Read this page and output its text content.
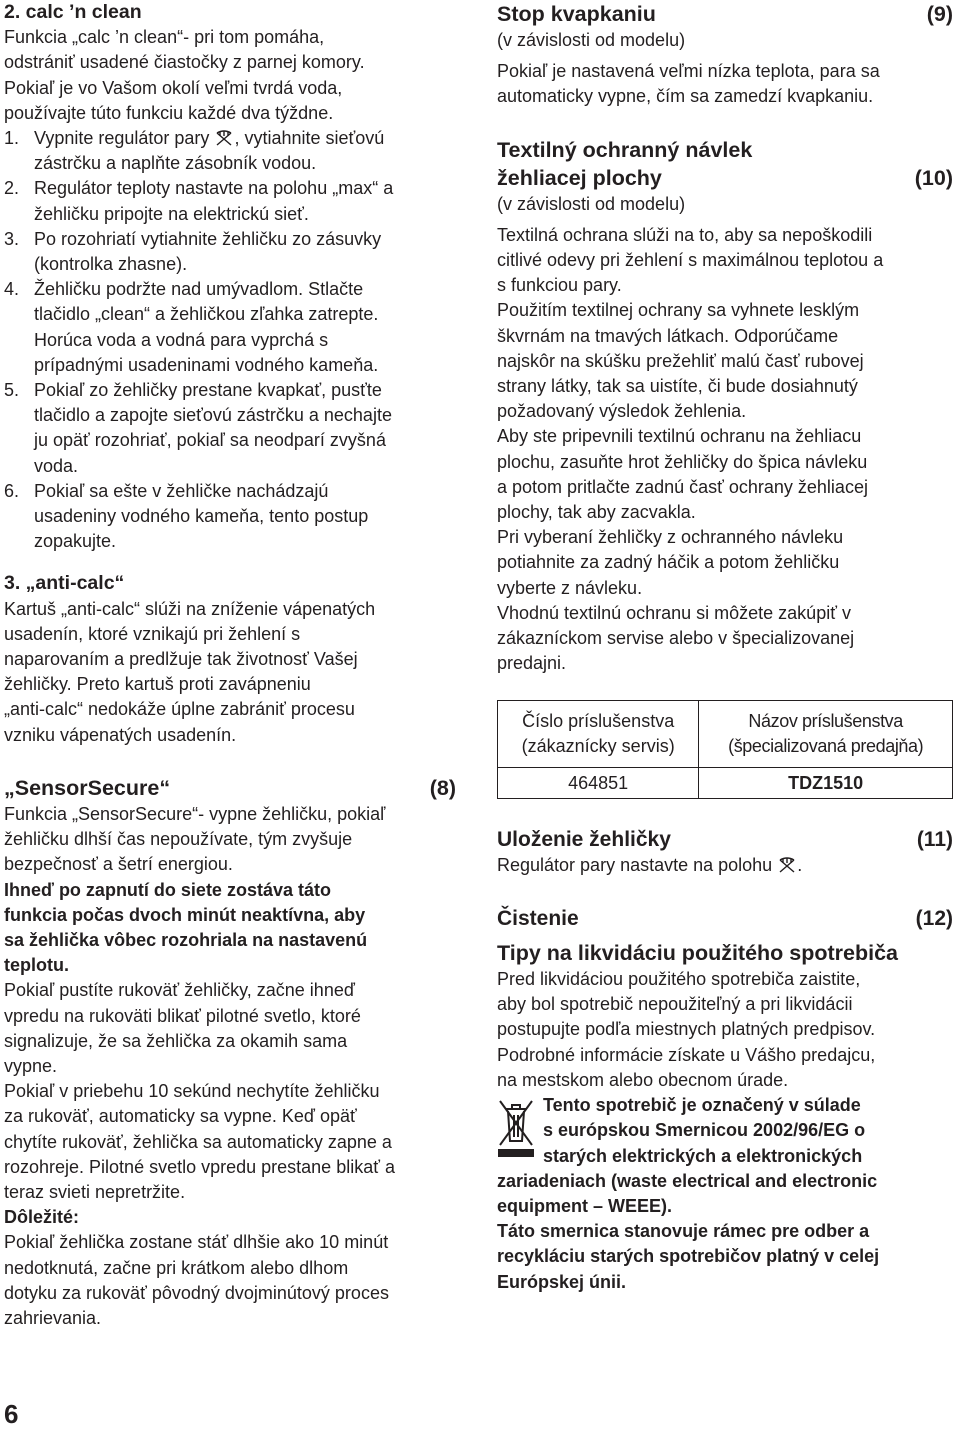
2. calc ’n clean

Funkcia „calc ’n clean“- pri tom pomáha,

odstrániť usadené čiastočky z parnej komory.

Pokiaľ je vo Vašom okolí veľmi tvrdá voda,

používajte túto funkciu každé dva týždne.

1. Vypnite regulátor pary , vytiahnite sieťovú
zástrčku a naplňte zásobník vodou.
2. Regulátor teploty nastavte na polohu „max“ a
žehličku pripojte na elektrickú sieť.
3. Po rozohriatí vytiahnite žehličku zo zásuvky
(kontrolka zhasne).
4. Žehličku podržte nad umývadlom. Stlačte
tlačidlo „clean“ a žehličkou zľahka zatrepte.
Horúca voda a vodná para vyprchá s
prípadnými usadeninami vodného kameňa.
5. Pokiaľ zo žehličky prestane kvapkať, pusťte
tlačidlo a zapojte sieťovú zástrčku a nechajte
ju opäť rozohriať, pokiaľ sa neodparí zvyšná
voda.
6. Pokiaľ sa ešte v žehličke nachádzajú
usadeniny vodného kameňa, tento postup
zopakujte.

3. „anti-calc“

Kartuš „anti-calc“ slúži na zníženie vápenatých

usadenín, ktoré vznikajú pri žehlení s

naparovaním a predlžuje tak životnosť Vašej

žehličky. Preto kartuš proti zavápneniu

„anti-calc“ nedokáže úplne zabrániť procesu

vzniku vápenatých usadenín.

„SensorSecure“	(8)

Funkcia „SensorSecure“- vypne žehličku, pokiaľ

žehličku dlhší čas nepoužívate, tým zvyšuje

bezpečnosť a šetrí energiou.

Ihneď po zapnutí do siete zostáva táto

funkcia počas dvoch minút neaktívna, aby

sa žehlička vôbec rozohriala na nastavenú

teplotu.

Pokiaľ pustíte rukoväť žehličky, začne ihneď

vpredu na rukoväti blikať pilotné svetlo, ktoré

signalizuje, že sa žehlička za okamih sama

vypne.

Pokiaľ v priebehu 10 sekúnd nechytíte žehličku

za rukoväť, automaticky sa vypne. Keď opäť

chytíte rukoväť, žehlička sa automaticky zapne a

rozohreje. Pilotné svetlo vpredu prestane blikať a

teraz svieti nepretržite.

Dôležité:

Pokiaľ žehlička zostane stáť dlhšie ako 10 minút

nedotknutá, začne pri krátkom alebo dlhom

dotyku za rukoväť pôvodný dvojminútový proces

zahrievania.

Stop kvapkaniu	(9)

(v závislosti od modelu)

Pokiaľ je nastavená veľmi nízka teplota, para sa

automaticky vypne, čím sa zamedzí kvapkaniu.

Textilný ochranný návlek

žehliacej plochy	(10)

(v závislosti od modelu)

Textilná ochrana slúži na to, aby sa nepoškodili

citlivé odevy pri žehlení s maximálnou teplotou a

s funkciou pary.

Použitím textilnej ochrany sa vyhnete lesklým

škvrnám na tmavých látkach. Odporúčame

najskôr na skúšku prežehliť malú časť rubovej

strany látky, tak sa uistíte, či bude dosiahnutý

požadovaný výsledok žehlenia.

Aby ste pripevnili textilnú ochranu na žehliacu

plochu, zasuňte hrot žehličky do špica návleku

a potom pritlačte zadnú časť ochrany žehliacej

plochy, tak aby zacvakla.

Pri vyberaní žehličky z ochranného návleku

potiahnite za zadný háčik a potom žehličku

vyberte z návleku.

Vhodnú textilnú ochranu si môžete zakúpiť v

zákazníckom servise alebo v špecializovanej

predajni.

Číslo príslušenstva
(zákaznícky servis)	Názov príslušenstva
(špecializovaná predajňa)
464851	TDZ1510
Uloženie žehličky	(11)

Regulátor pary nastavte na polohu .

Čistenie	(12)

Tipy na likvidáciu použitého spotrebiča

Pred likvidáciou použitého spotrebiča zaistite,

aby bol spotrebič nepoužiteľný a pri likvidácii

postupujte podľa miestnych platných predpisov.

Podrobné informácie získate u Vášho predajcu,

na mestskom alebo obecnom úrade.

Tento spotrebič je označený v súlade

s európskou Smernicou 2002/96/EG o

starých elektrických a elektronických

zariadeniach (waste electrical and electronic

equipment – WEEE).

Táto smernica stanovuje rámec pre odber a

recykláciu starých spotrebičov platný v celej

Európskej únii.

6
